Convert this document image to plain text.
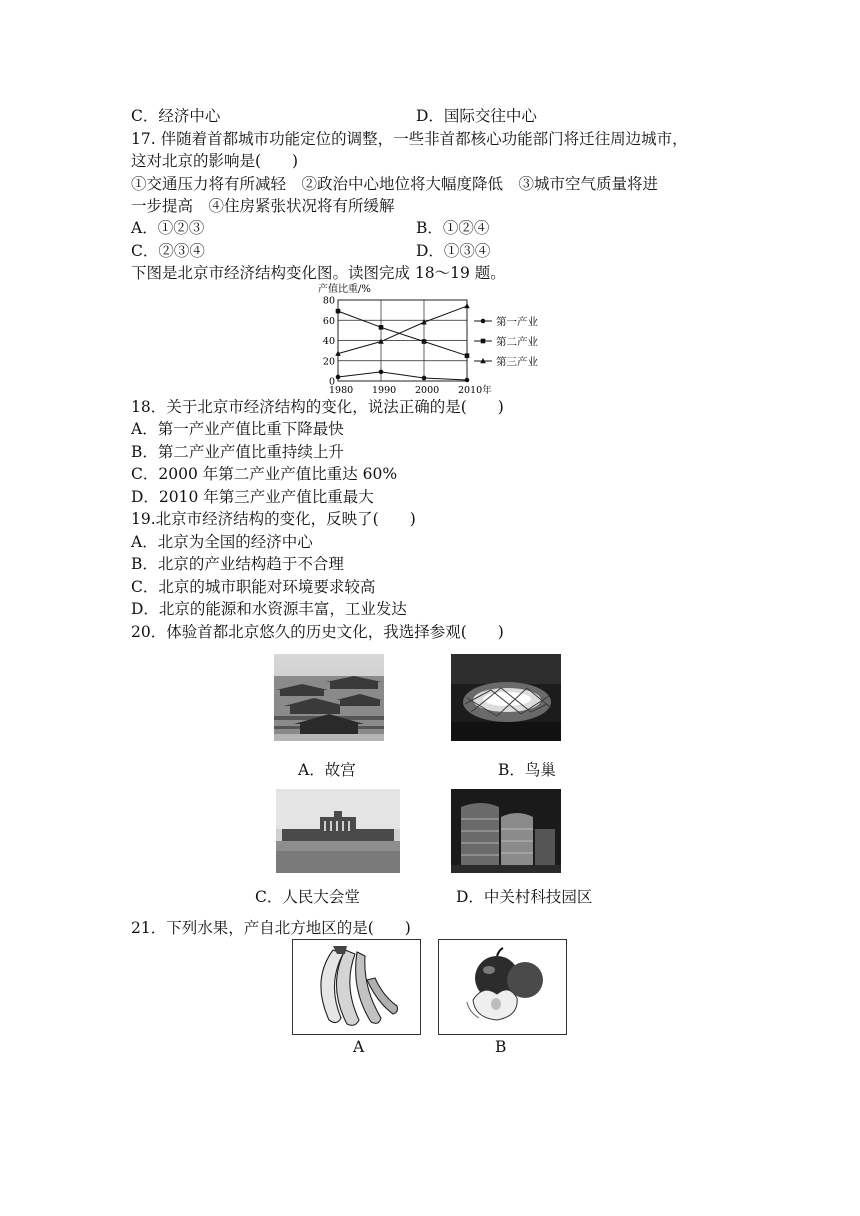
C．经济中心	D．国际交往中心
17. 伴随着首都城市功能定位的调整，一些非首都核心功能部门将迁往周边城市，
这对北京的影响是(　　)
①交通压力将有所减轻　②政治中心地位将大幅度降低　③城市空气质量将进
一步提高　④住房紧张状况将有所缓解
A．①②③	B．①②④
C．②③④	D．①③④
下图是北京市经济结构变化图。读图完成 18～19 题。
产值比重/%
0
20
40
60
80
1980 1990 2000 2010年
第一产业
第二产业
第三产业
18．关于北京市经济结构的变化，说法正确的是(　　)
A．第一产业产值比重下降最快
B．第二产业产值比重持续上升
C．2000 年第二产业产值比重达 60%
D．2010 年第三产业产值比重最大
19.北京市经济结构的变化，反映了(　　)
A．北京为全国的经济中心
B．北京的产业结构趋于不合理
C．北京的城市职能对环境要求较高
D．北京的能源和水资源丰富，工业发达
20．体验首都北京悠久的历史文化，我选择参观(　　)
A．故宫	B．鸟巢
C．人民大会堂	D．中关村科技园区
21．下列水果，产自北方地区的是(　　)
A	B
